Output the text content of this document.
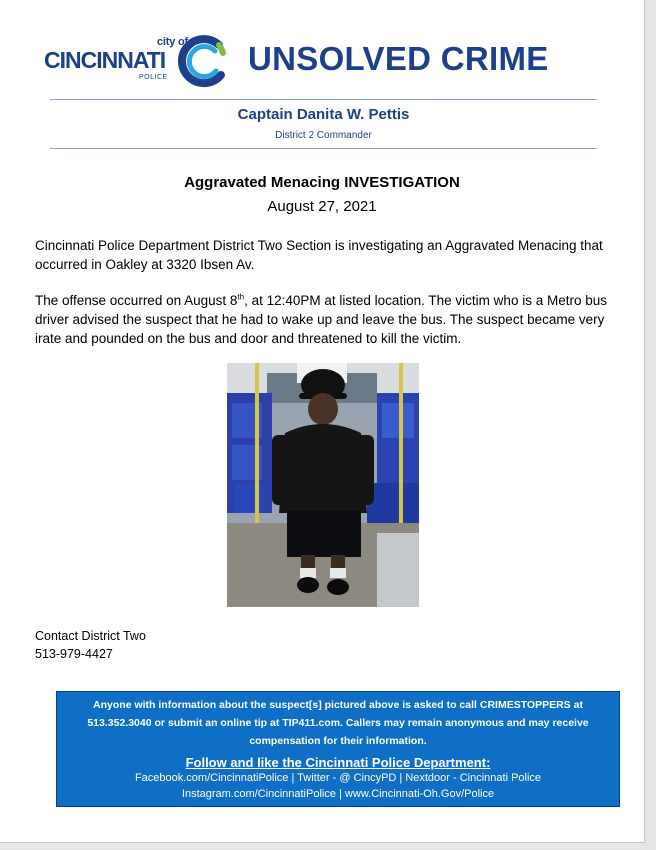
city of
CINCINNATI
POLICE
UNSOLVED CRIME
Captain Danita W. Pettis
District 2 Commander
Aggravated Menacing INVESTIGATION
August 27, 2021
Cincinnati Police Department District Two Section is investigating an Aggravated Menacing that occurred in Oakley at 3320 Ibsen Av.
The offense occurred on August 8th, at 12:40PM at listed location. The victim who is a Metro bus driver advised the suspect that he had to wake up and leave the bus. The suspect became very irate and pounded on the bus and door and threatened to kill the victim.
Contact District Two
513-979-4427
Anyone with information about the suspect[s] pictured above is asked to call CRIMESTOPPERS at 513.352.3040 or submit an online tip at TIP411.com. Callers may remain anonymous and may receive compensation for their information.
Follow and like the Cincinnati Police Department:
Facebook.com/CincinnatiPolice | Twitter - @ CincyPD | Nextdoor - Cincinnati Police
Instagram.com/CincinnatiPolice | www.Cincinnati-Oh.Gov/Police
